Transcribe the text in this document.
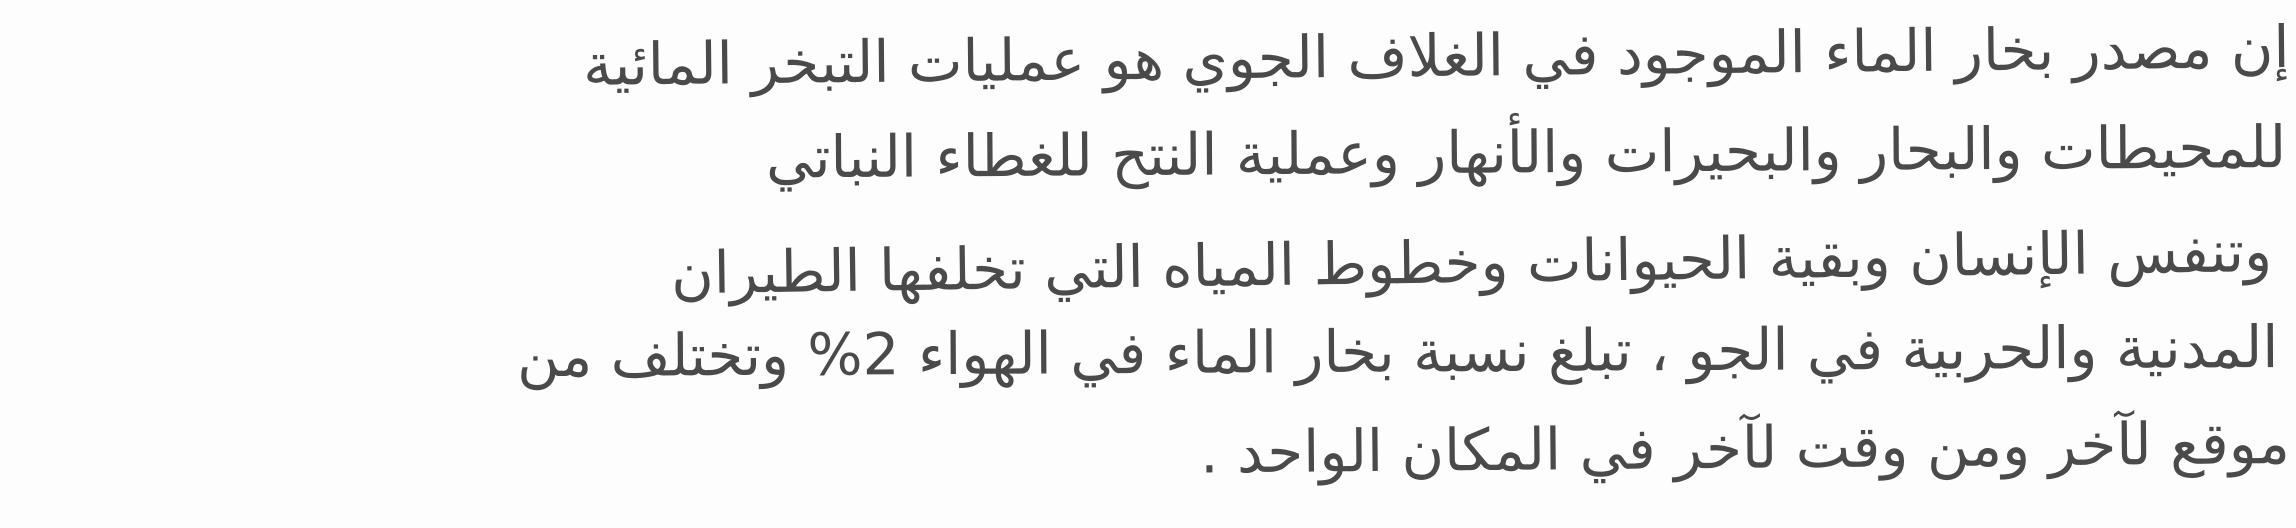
إن مصدر بخار الماء الموجود في الغلاف الجوي هو عمليات التبخر المائية
للمحيطات والبحار والبحيرات والأنهار وعملية النتح للغطاء النباتي
وتنفس الإنسان وبقية الحيوانات وخطوط المياه التي تخلفها الطيران
المدنية والحربية في الجو ، تبلغ نسبة بخار الماء في الهواء 2% وتختلف من
موقع لآخر ومن وقت لآخر في المكان الواحد .
